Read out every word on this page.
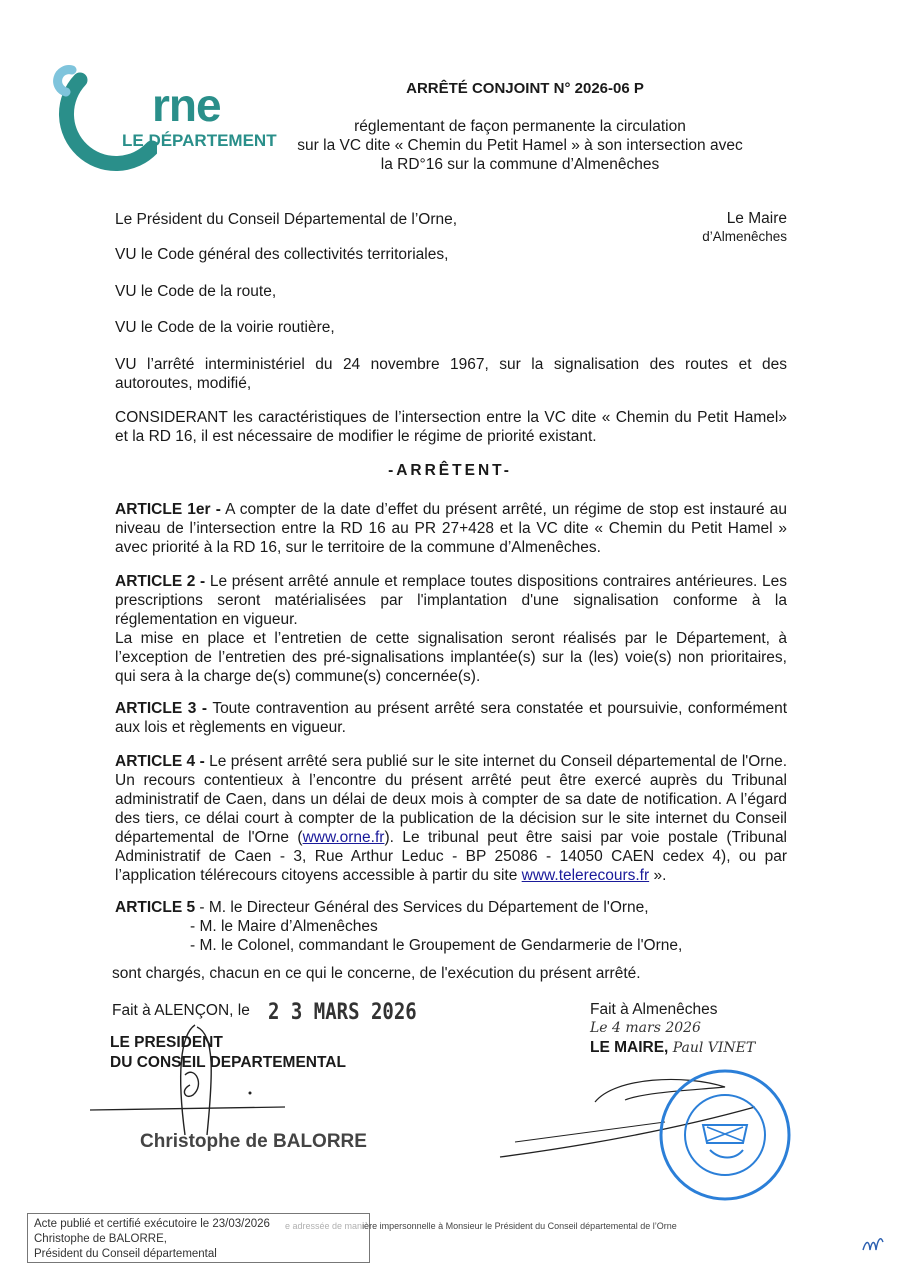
rne
LE DÉPARTEMENT
ARRÊTÉ CONJOINT N° 2026-06 P
réglementant de façon permanente la circulation
sur la VC dite « Chemin du Petit Hamel » à son intersection avec
la RD°16 sur la commune d’Almenêches
Le Président du Conseil Départemental de l’Orne,	Le Maire
d’Almenêches
VU le Code général des collectivités territoriales,
VU le Code de la route,
VU le Code de la voirie routière,
VU l’arrêté interministériel du 24 novembre 1967, sur la signalisation des routes et des autoroutes, modifié,
CONSIDERANT les caractéristiques de l’intersection entre la VC dite « Chemin du Petit Hamel» et la RD 16, il est nécessaire de modifier le régime de priorité existant.
-ARRÊTENT-
ARTICLE 1er - A compter de la date d’effet du présent arrêté, un régime de stop est instauré au niveau de l’intersection entre la RD 16 au PR 27+428 et la VC dite « Chemin du Petit Hamel » avec priorité à la RD 16, sur le territoire de la commune d’Almenêches.
ARTICLE 2 - Le présent arrêté annule et remplace toutes dispositions contraires antérieures. Les prescriptions seront matérialisées par l'implantation d'une signalisation conforme à la réglementation en vigueur.
La mise en place et l’entretien de cette signalisation seront réalisés par le Département, à l’exception de l’entretien des pré-signalisations implantée(s) sur la (les) voie(s) non prioritaires, qui sera à la charge de(s) commune(s) concernée(s).
ARTICLE 3 - Toute contravention au présent arrêté sera constatée et poursuivie, conformément aux lois et règlements en vigueur.
ARTICLE 4 - Le présent arrêté sera publié sur le site internet du Conseil départemental de l'Orne. Un recours contentieux à l’encontre du présent arrêté peut être exercé auprès du Tribunal administratif de Caen, dans un délai de deux mois à compter de sa date de notification. A l’égard des tiers, ce délai court à compter de la publication de la décision sur le site internet du Conseil départemental de l'Orne (www.orne.fr). Le tribunal peut être saisi par voie postale (Tribunal Administratif de Caen - 3, Rue Arthur Leduc - BP 25086 - 14050 CAEN cedex 4), ou par l’application télérecours citoyens accessible à partir du site www.telerecours.fr ».
ARTICLE 5 - M. le Directeur Général des Services du Département de l'Orne,
- M. le Maire d’Almenêches
- M. le Colonel, commandant le Groupement de Gendarmerie de l'Orne,
sont chargés, chacun en ce qui le concerne, de l'exécution du présent arrêté.
Fait à ALENÇON, le 2 3 MARS 2026
LE PRESIDENT
DU CONSEIL DEPARTEMENTAL
Christophe de BALORRE
Fait à Almenêches
Le 4 mars 2026
LE MAIRE, Paul VINET
Acte publié et certifié exécutoire le 23/03/2026
Christophe de BALORRE,
Président du Conseil départemental
e adressée de manière impersonnelle à Monsieur le Président du Conseil départemental de l’Orne
